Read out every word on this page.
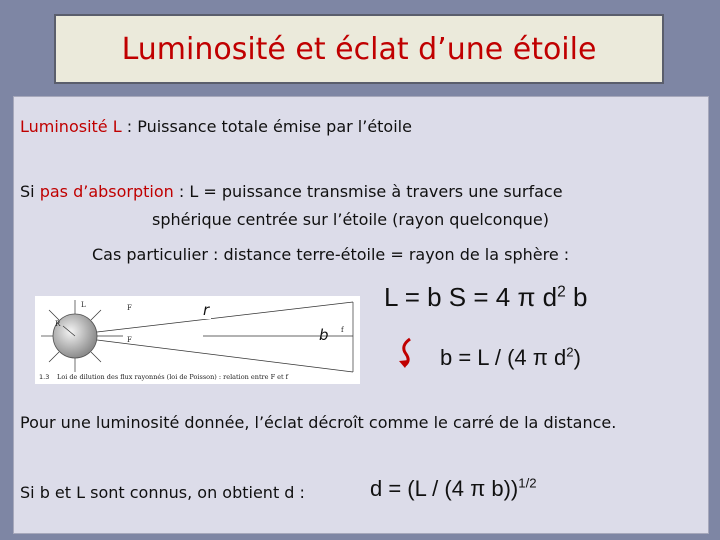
Luminosité et éclat d’une étoile
Luminosité L : Puissance totale émise par l’étoile
Si pas d’absorption : L = puissance transmise à travers une surface
sphérique centrée sur l’étoile (rayon quelconque)
Cas particulier : distance terre-étoile = rayon de la sphère :
L = b S = 4 π $d^2$ b
b = L / (4 π $d^2$)
L
R
F
F
f
1.3 Loi de dilution des flux rayonnés (loi de Poisson) : relation entre F et f
r
b
Pour une luminosité donnée, l’éclat décroît comme le carré de la distance.
Si b et L sont connus, on obtient d :	d = (L / (4 π b))$^{1/2}$
